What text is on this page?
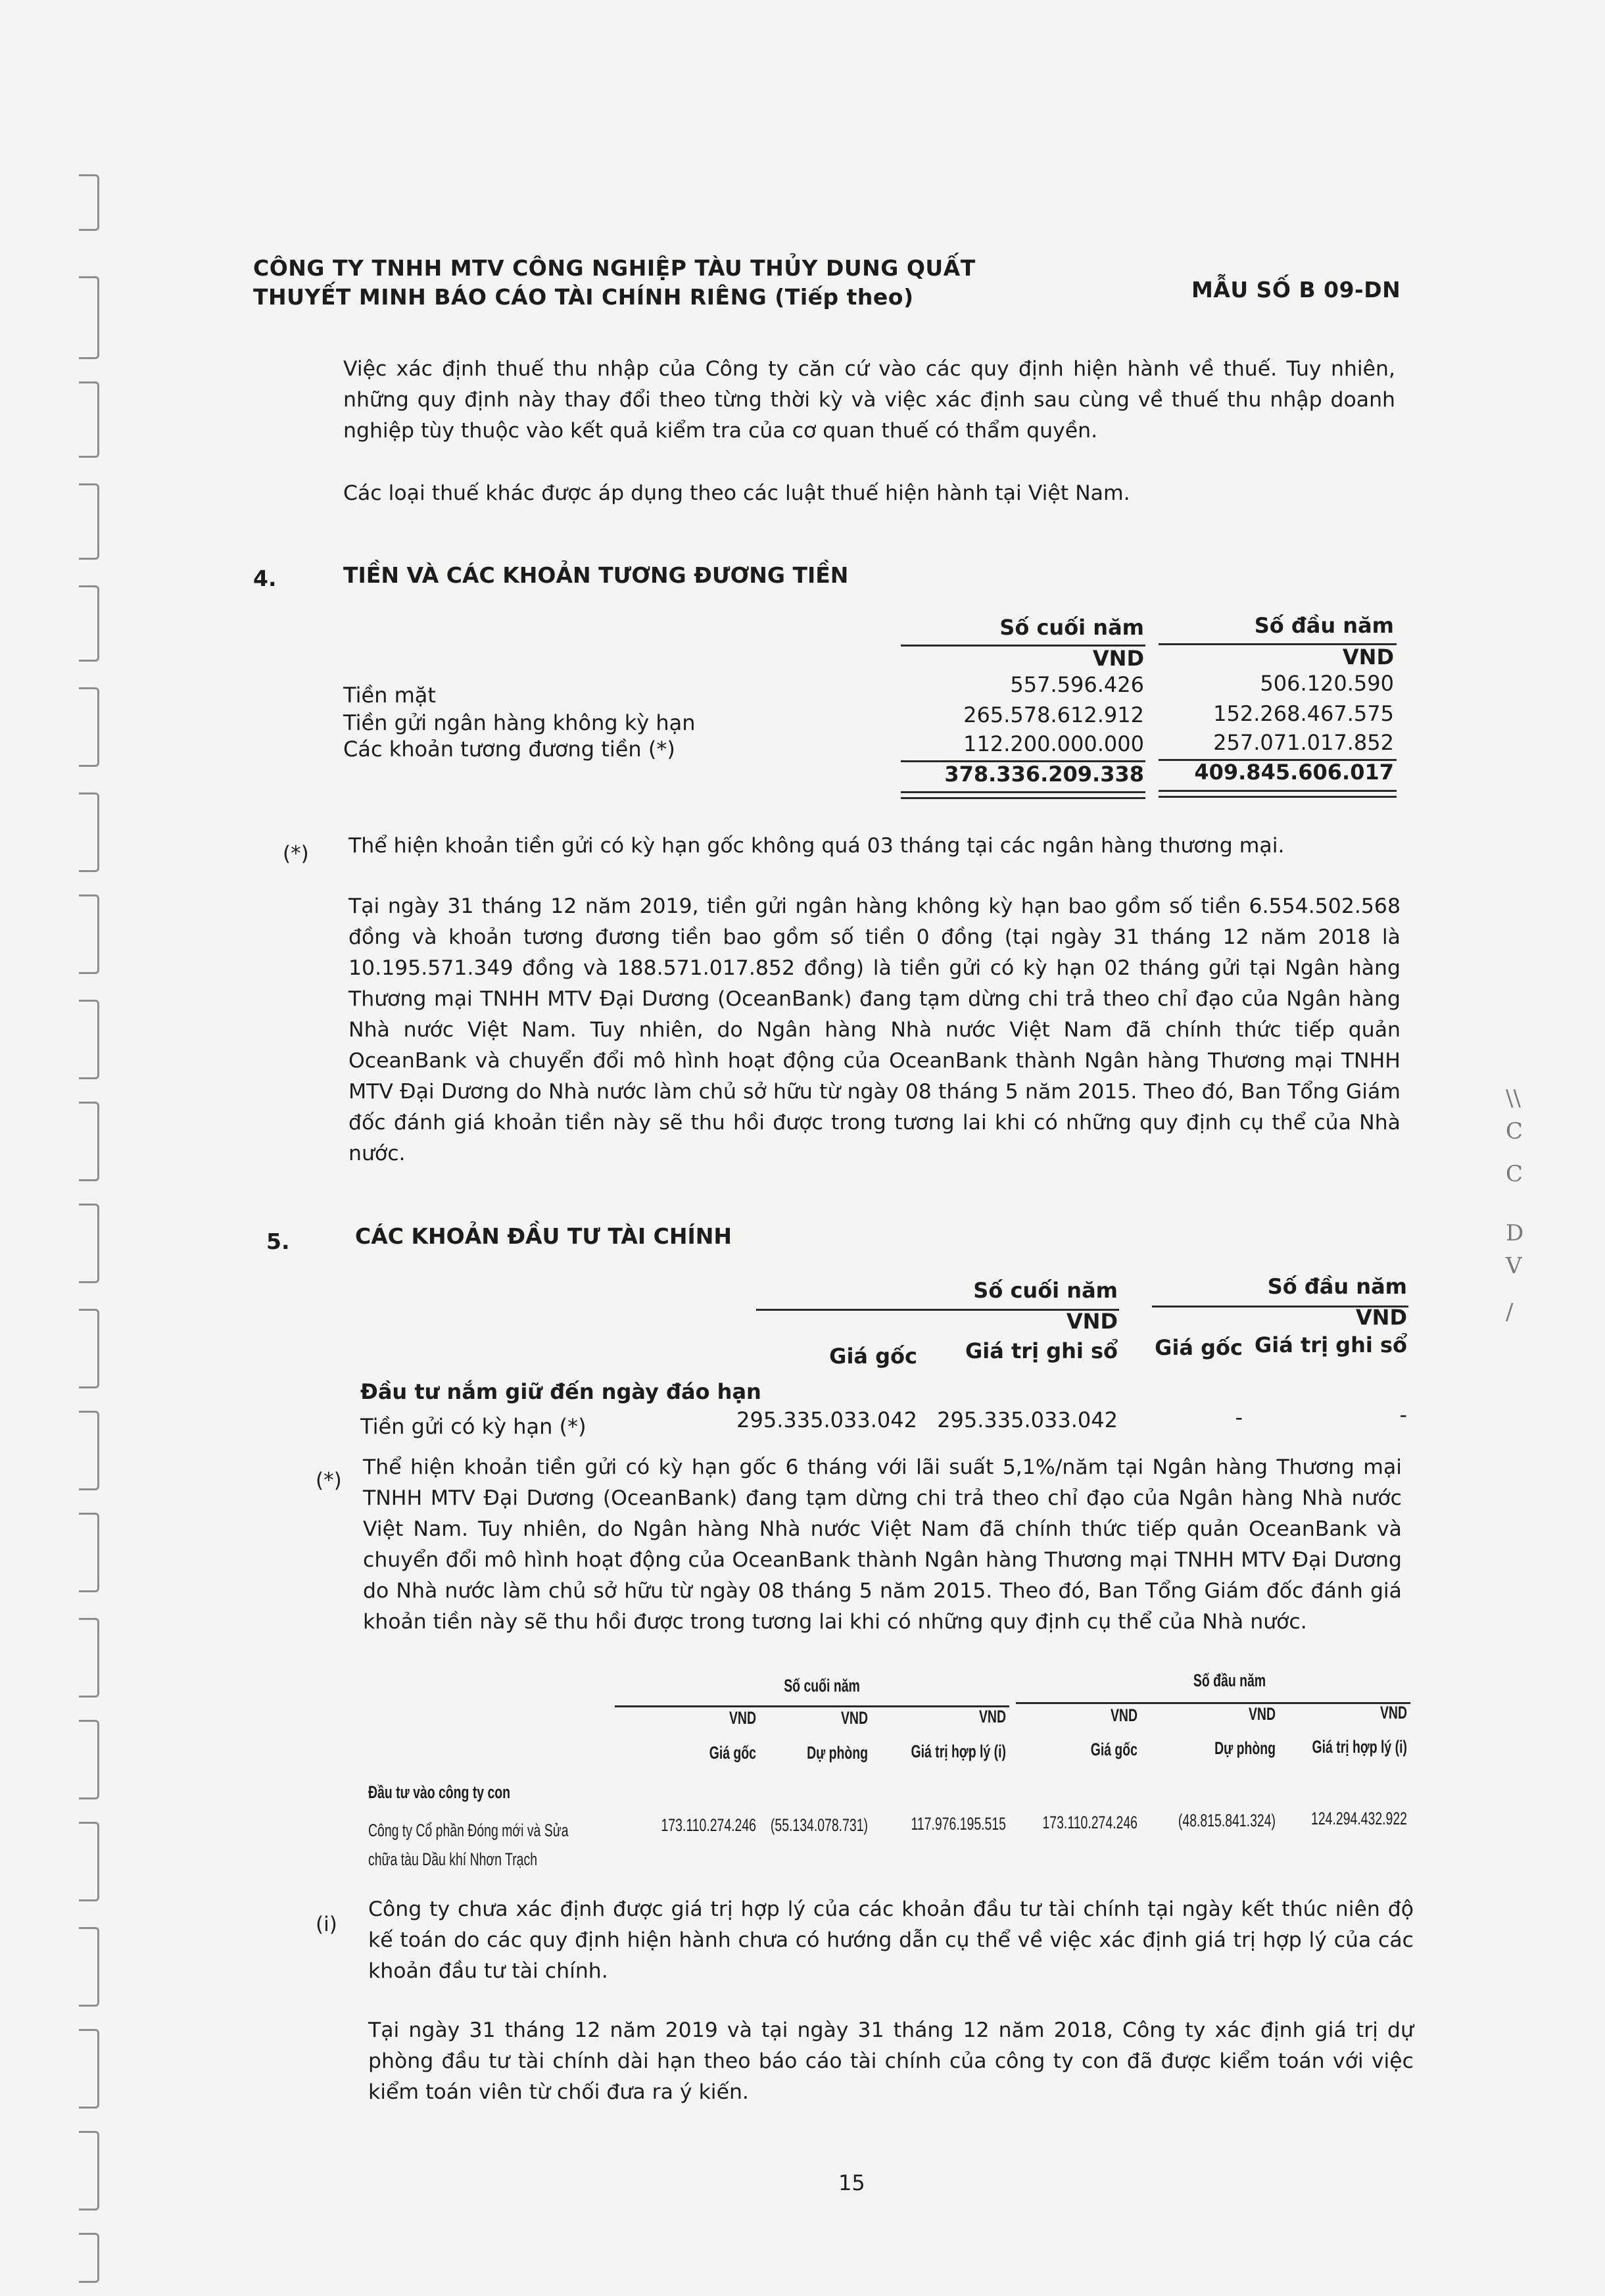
\\
C
C
D
V
/
CÔNG TY TNHH MTV CÔNG NGHIỆP TÀU THỦY DUNG QUẤT
THUYẾT MINH BÁO CÁO TÀI CHÍNH RIÊNG (Tiếp theo)	MẪU SỐ B 09-DN

Việc xác định thuế thu nhập của Công ty căn cứ vào các quy định hiện hành về thuế. Tuy nhiên, những quy định này thay đổi theo từng thời kỳ và việc xác định sau cùng về thuế thu nhập doanh nghiệp tùy thuộc vào kết quả kiểm tra của cơ quan thuế có thẩm quyền.

Các loại thuế khác được áp dụng theo các luật thuế hiện hành tại Việt Nam.

4.	TIỀN VÀ CÁC KHOẢN TƯƠNG ĐƯƠNG TIỀN
Số cuối năm	Số đầu năm
VND	VND
Tiền mặt	557.596.426	506.120.590
Tiền gửi ngân hàng không kỳ hạn	265.578.612.912	152.268.467.575
Các khoản tương đương tiền (*)	112.200.000.000	257.071.017.852
378.336.209.338	409.845.606.017
(*) Thể hiện khoản tiền gửi có kỳ hạn gốc không quá 03 tháng tại các ngân hàng thương mại.

Tại ngày 31 tháng 12 năm 2019, tiền gửi ngân hàng không kỳ hạn bao gồm số tiền 6.554.502.568 đồng và khoản tương đương tiền bao gồm số tiền 0 đồng (tại ngày 31 tháng 12 năm 2018 là 10.195.571.349 đồng và 188.571.017.852 đồng) là tiền gửi có kỳ hạn 02 tháng gửi tại Ngân hàng Thương mại TNHH MTV Đại Dương (OceanBank) đang tạm dừng chi trả theo chỉ đạo của Ngân hàng Nhà nước Việt Nam. Tuy nhiên, do Ngân hàng Nhà nước Việt Nam đã chính thức tiếp quản OceanBank và chuyển đổi mô hình hoạt động của OceanBank thành Ngân hàng Thương mại TNHH MTV Đại Dương do Nhà nước làm chủ sở hữu từ ngày 08 tháng 5 năm 2015. Theo đó, Ban Tổng Giám đốc đánh giá khoản tiền này sẽ thu hồi được trong tương lai khi có những quy định cụ thể của Nhà nước.

5.	CÁC KHOẢN ĐẦU TƯ TÀI CHÍNH
Số cuối năm	Số đầu năm
VND	VND
Giá gốc	Giá trị ghi sổ	Giá gốc Giá trị ghi sổ
Đầu tư nắm giữ đến ngày đáo hạn
Tiền gửi có kỳ hạn (*)	295.335.033.042 295.335.033.042	-	-
(*)
Thể hiện khoản tiền gửi có kỳ hạn gốc 6 tháng với lãi suất 5,1%/năm tại Ngân hàng Thương mại TNHH MTV Đại Dương (OceanBank) đang tạm dừng chi trả theo chỉ đạo của Ngân hàng Nhà nước Việt Nam. Tuy nhiên, do Ngân hàng Nhà nước Việt Nam đã chính thức tiếp quản OceanBank và chuyển đổi mô hình hoạt động của OceanBank thành Ngân hàng Thương mại TNHH MTV Đại Dương do Nhà nước làm chủ sở hữu từ ngày 08 tháng 5 năm 2015. Theo đó, Ban Tổng Giám đốc đánh giá khoản tiền này sẽ thu hồi được trong tương lai khi có những quy định cụ thể của Nhà nước.
Số cuối năm	Số đầu năm
VND	VND	VND	VND	VND	VND
Giá gốc	Dự phòng	Giá trị hợp lý (i)	Giá gốc	Dự phòng	Giá trị hợp lý (i)
Đầu tư vào công ty con
Công ty Cổ phần Đóng mới và Sửa
chữa tàu Dầu khí Nhơn Trạch
173.110.274.246 (55.134.078.731)	117.976.195.515	173.110.274.246	(48.815.841.324)	124.294.432.922
(i)

Công ty chưa xác định được giá trị hợp lý của các khoản đầu tư tài chính tại ngày kết thúc niên độ kế toán do các quy định hiện hành chưa có hướng dẫn cụ thể về việc xác định giá trị hợp lý của các khoản đầu tư tài chính.

Tại ngày 31 tháng 12 năm 2019 và tại ngày 31 tháng 12 năm 2018, Công ty xác định giá trị dự phòng đầu tư tài chính dài hạn theo báo cáo tài chính của công ty con đã được kiểm toán với việc kiểm toán viên từ chối đưa ra ý kiến.

15
